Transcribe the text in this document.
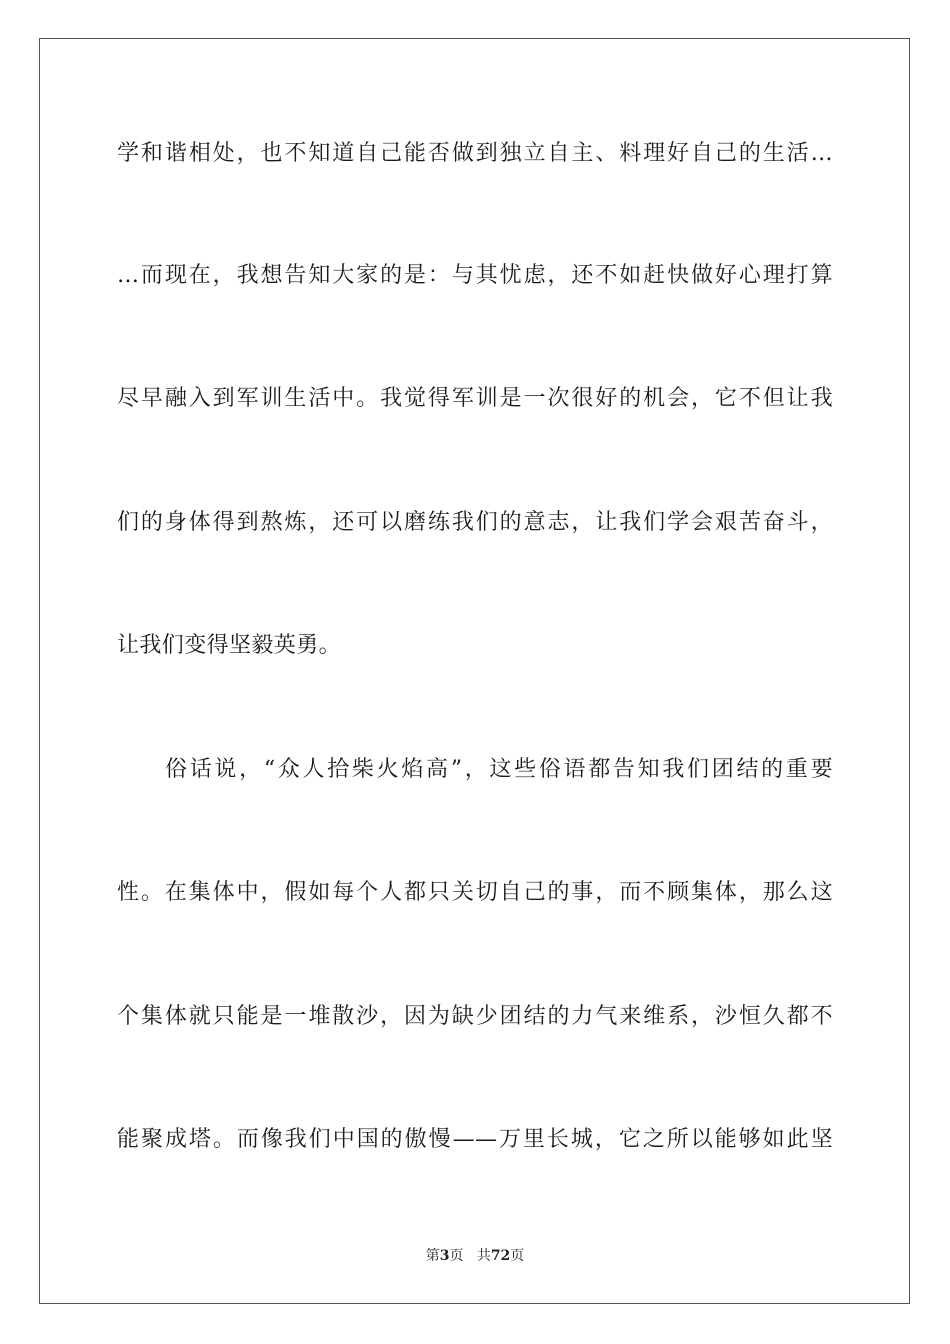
学和谐相处，也不知道自己能否做到独立自主、料理好自己的生活…
…而现在，我想告知大家的是：与其忧虑，还不如赶快做好心理打算
尽早融入到军训生活中。我觉得军训是一次很好的机会，它不但让我
们的身体得到熬炼，还可以磨练我们的意志，让我们学会艰苦奋斗，
让我们变得坚毅英勇。
俗话说，“众人拾柴火焰高”，这些俗语都告知我们团结的重要
性。在集体中，假如每个人都只关切自己的事，而不顾集体，那么这
个集体就只能是一堆散沙，因为缺少团结的力气来维系，沙恒久都不
能聚成塔。而像我们中国的傲慢——万里长城，它之所以能够如此坚
第3页 共72页
